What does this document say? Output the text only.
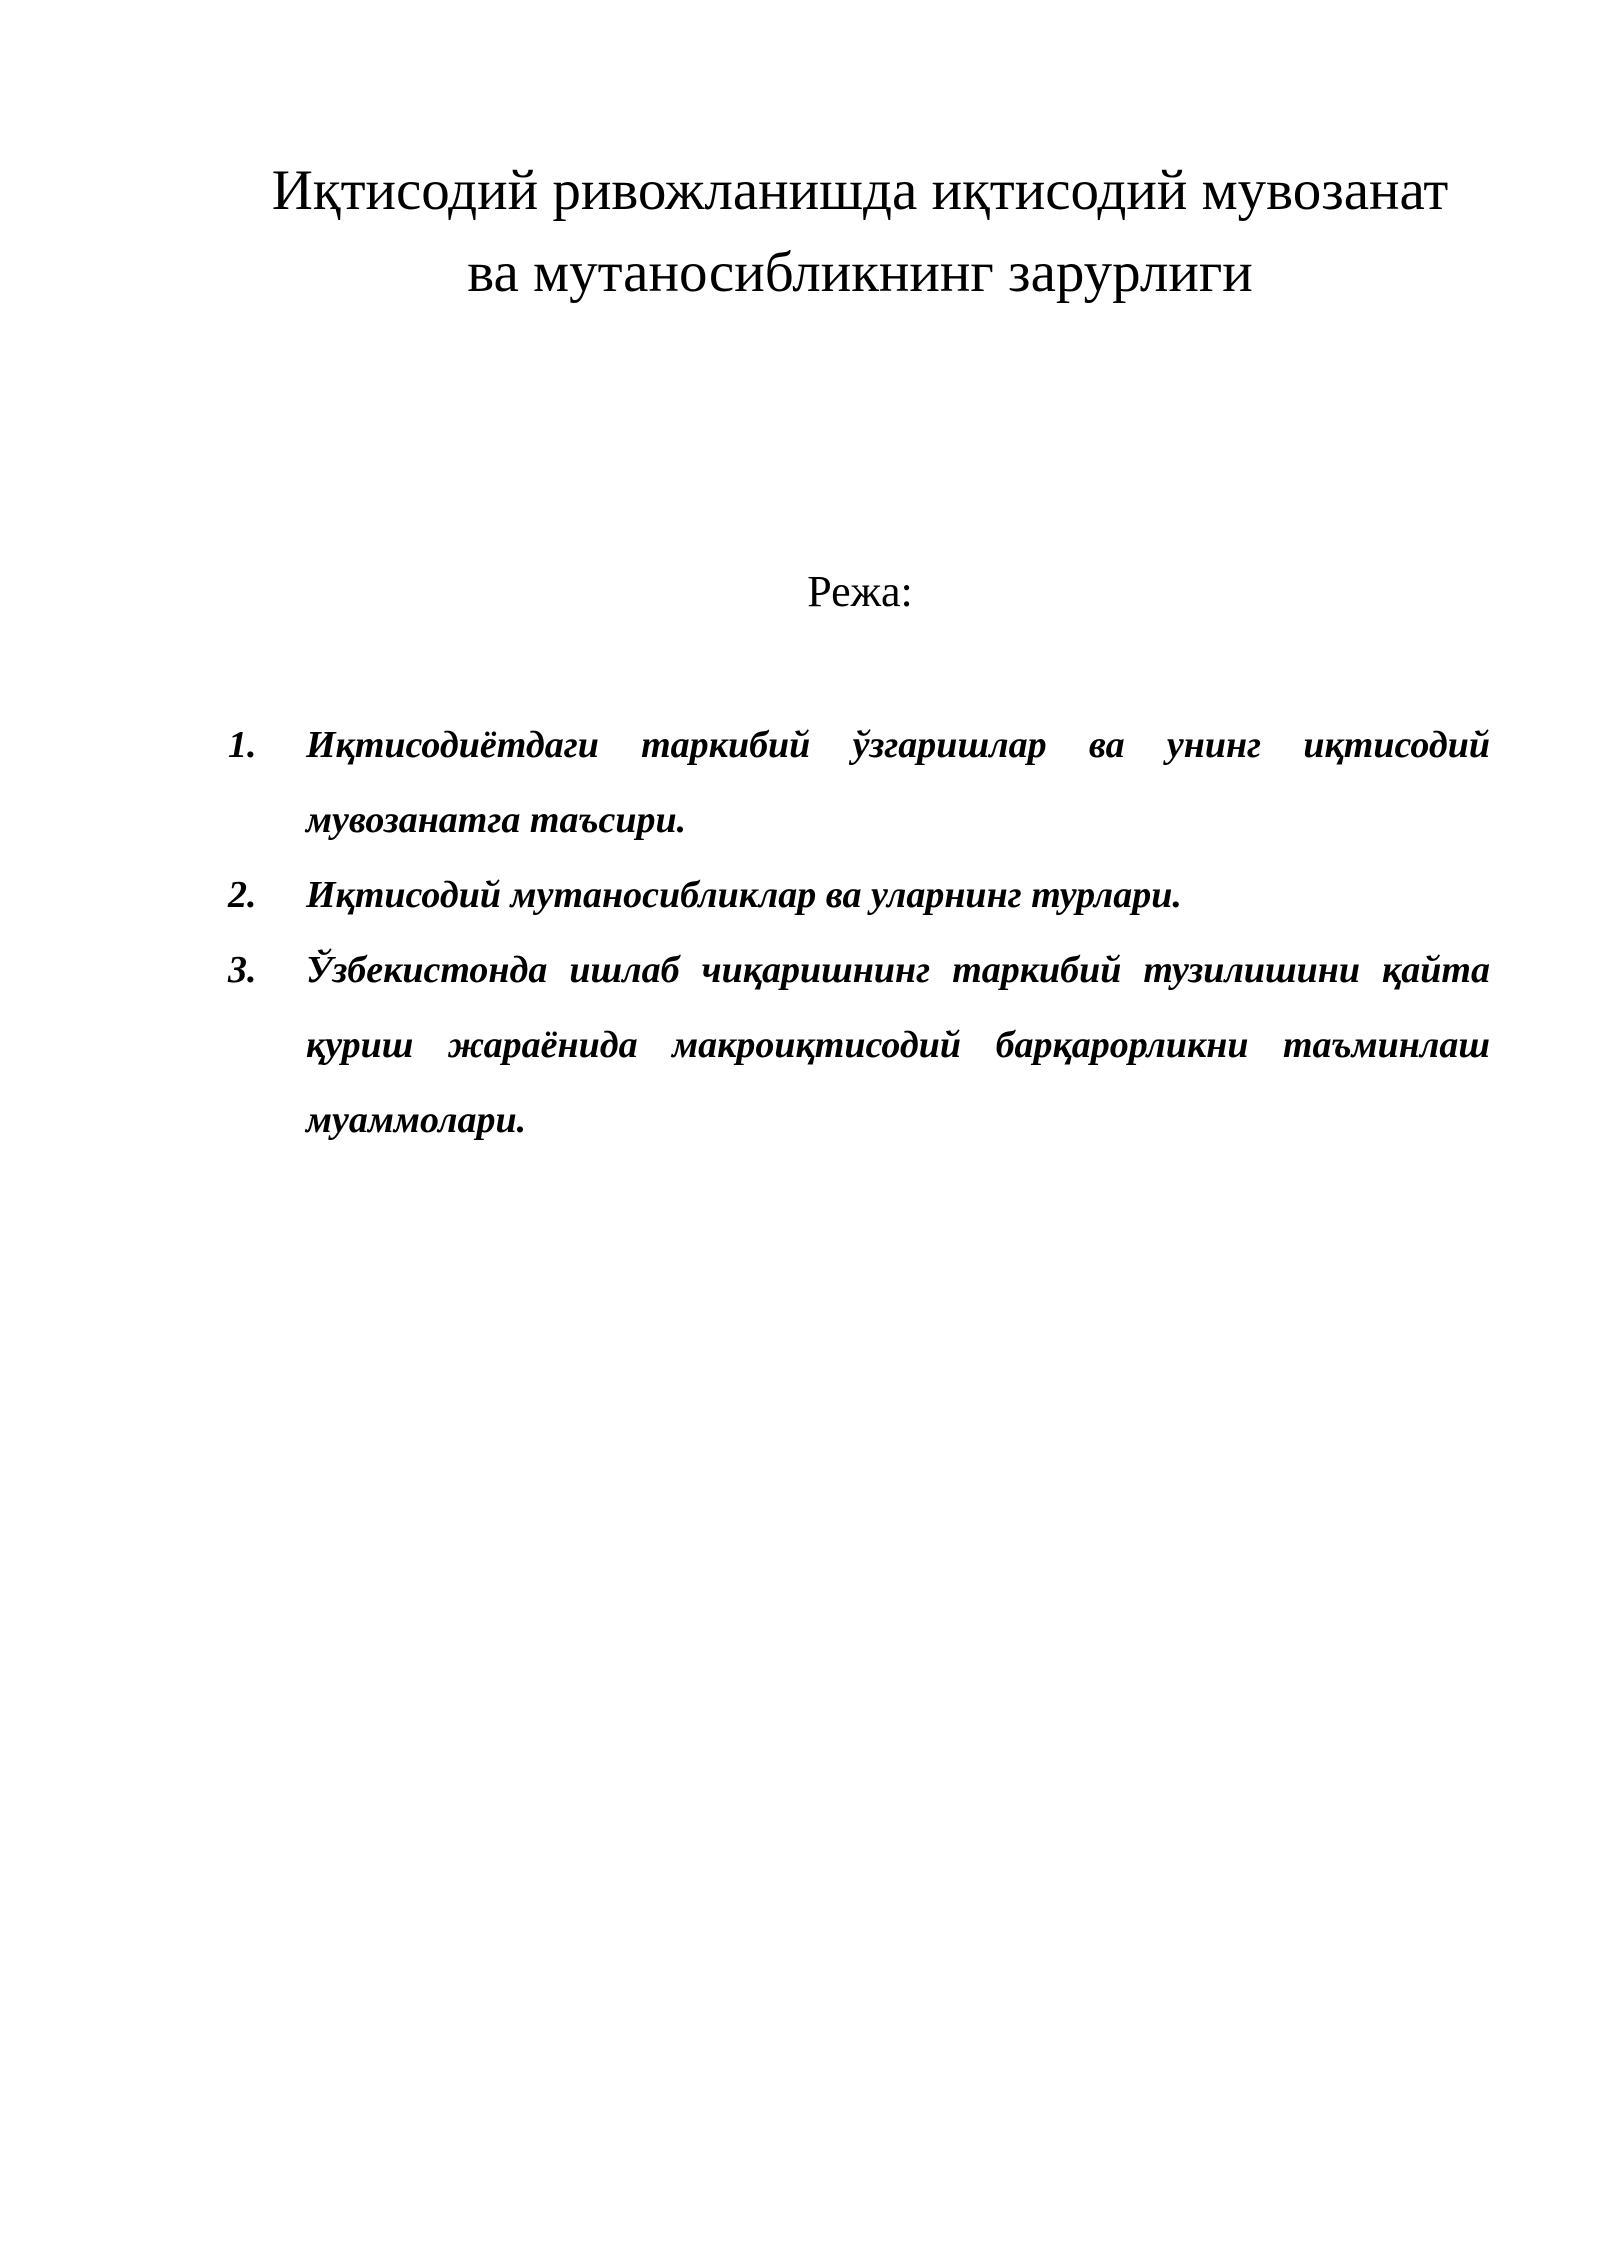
Иқтисодий ривожланишда иқтисодий мувозанат
ва мутаносибликнинг зарурлиги
Режа:
1. Иқтисодиётдаги таркибий ўзгаришлар ва унинг иқтисодий мувозанатга таъсири.
2. Иқтисодий мутаносибликлар ва уларнинг турлари.
3. Ўзбекистонда ишлаб чиқаришнинг таркибий тузилишини қайта қуриш жараёнида макроиқтисодий барқарорликни таъминлаш муаммолари.
